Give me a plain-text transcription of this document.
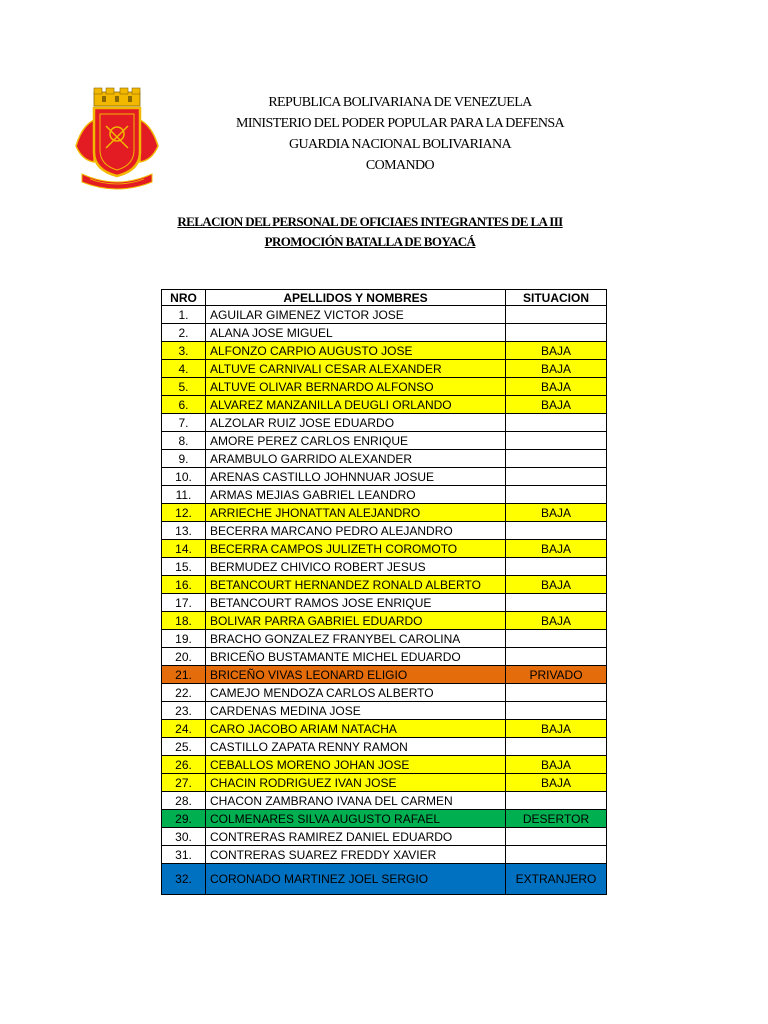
REPUBLICA BOLIVARIANA DE VENEZUELA
MINISTERIO DEL PODER POPULAR PARA LA DEFENSA
GUARDIA NACIONAL BOLIVARIANA
COMANDO
RELACION DEL PERSONAL DE OFICIAES INTEGRANTES DE LA III
PROMOCIÓN BATALLA DE BOYACÁ
NRO	APELLIDOS Y NOMBRES	SITUACION
1.	AGUILAR GIMENEZ VICTOR JOSE	
2.	ALANA JOSE MIGUEL	
3.	ALFONZO CARPIO AUGUSTO JOSE	BAJA
4.	ALTUVE CARNIVALI CESAR ALEXANDER	BAJA
5.	ALTUVE OLIVAR BERNARDO ALFONSO	BAJA
6.	ALVAREZ MANZANILLA DEUGLI ORLANDO	BAJA
7.	ALZOLAR RUIZ JOSE EDUARDO	
8.	AMORE PEREZ CARLOS ENRIQUE	
9.	ARAMBULO GARRIDO ALEXANDER	
10.	ARENAS CASTILLO JOHNNUAR JOSUE	
11.	ARMAS MEJIAS GABRIEL LEANDRO	
12.	ARRIECHE JHONATTAN ALEJANDRO	BAJA
13.	BECERRA MARCANO PEDRO ALEJANDRO	
14.	BECERRA CAMPOS JULIZETH COROMOTO	BAJA
15.	BERMUDEZ CHIVICO ROBERT JESUS	
16.	BETANCOURT HERNANDEZ RONALD ALBERTO	BAJA
17.	BETANCOURT RAMOS JOSE ENRIQUE	
18.	BOLIVAR PARRA GABRIEL EDUARDO	BAJA
19.	BRACHO GONZALEZ FRANYBEL CAROLINA	
20.	BRICEÑO BUSTAMANTE MICHEL EDUARDO	
21.	BRICEÑO VIVAS LEONARD ELIGIO	PRIVADO
22.	CAMEJO MENDOZA CARLOS ALBERTO	
23.	CARDENAS MEDINA JOSE	
24.	CARO JACOBO ARIAM NATACHA	BAJA
25.	CASTILLO ZAPATA RENNY RAMON	
26.	CEBALLOS MORENO JOHAN JOSE	BAJA
27.	CHACIN RODRIGUEZ IVAN JOSE	BAJA
28.	CHACON ZAMBRANO IVANA DEL CARMEN	
29.	COLMENARES SILVA AUGUSTO RAFAEL	DESERTOR
30.	CONTRERAS RAMIREZ DANIEL EDUARDO	
31.	CONTRERAS SUAREZ FREDDY XAVIER	
32.	CORONADO MARTINEZ JOEL SERGIO	EXTRANJERO
